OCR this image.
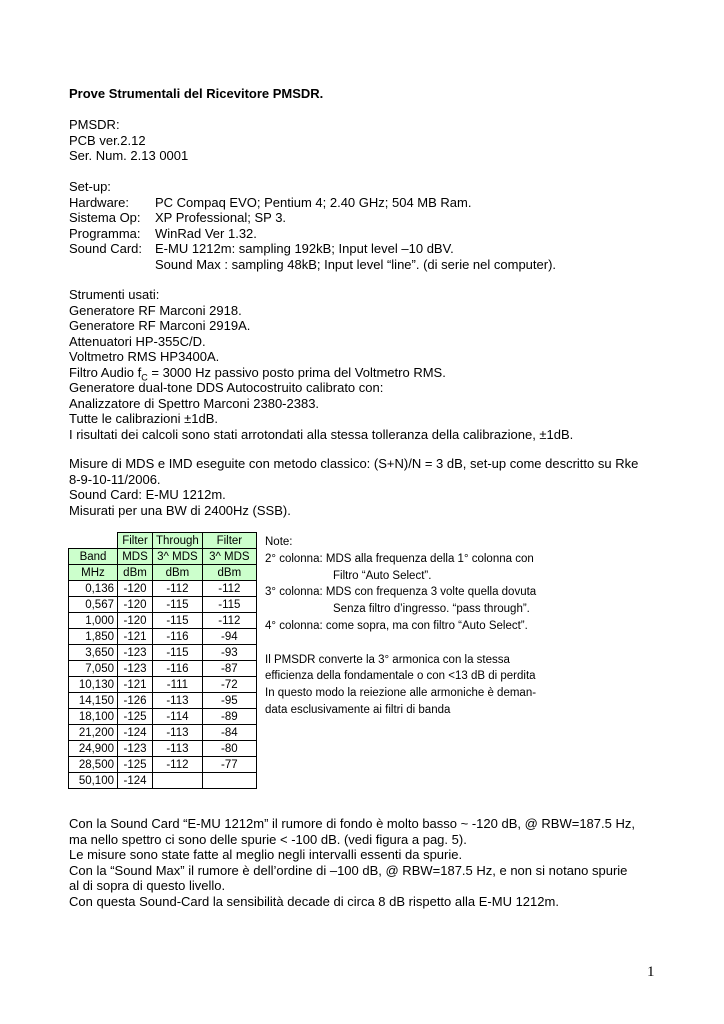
Prove Strumentali del Ricevitore PMSDR.
PMSDR:
PCB ver.2.12
Ser. Num. 2.13 0001
Set-up:
Hardware:	PC Compaq EVO; Pentium 4; 2.40 GHz; 504 MB Ram.
Sistema Op:	XP Professional; SP 3.
Programma:	WinRad Ver 1.32.
Sound Card:	E-MU 1212m: sampling 192kB; Input level –10 dBV.
Sound Max : sampling 48kB; Input level “line”. (di serie nel computer).
Strumenti usati:
Generatore RF Marconi 2918.
Generatore RF Marconi 2919A.
Attenuatori HP-355C/D.
Voltmetro RMS HP3400A.
Filtro Audio $f_C = 3000$ Hz passivo posto prima del Voltmetro RMS.
Generatore dual-tone DDS Autocostruito calibrato con:
Analizzatore di Spettro Marconi 2380-2383.
Tutte le calibrazioni ±1dB.
I risultati dei calcoli sono stati arrotondati alla stessa tolleranza della calibrazione, ±1dB.
Misure di MDS e IMD eseguite con metodo classico: (S+N)/N = 3 dB, set-up come descritto su Rke
8-9-10-11/2006.
Sound Card: E-MU 1212m.
Misurati per una BW di 2400Hz (SSB).
	Filter	Through	Filter
Band	MDS	3^ MDS	3^ MDS
MHz	dBm	dBm	dBm
0,136	-120	-112	-112
0,567	-120	-115	-115
1,000	-120	-115	-112
1,850	-121	-116	-94
3,650	-123	-115	-93
7,050	-123	-116	-87
10,130	-121	-111	-72
14,150	-126	-113	-95
18,100	-125	-114	-89
21,200	-124	-113	-84
24,900	-123	-113	-80
28,500	-125	-112	-77
50,100	-124		
Note:
2° colonna: MDS alla frequenza della 1° colonna con
Filtro “Auto Select”.
3° colonna: MDS con frequenza 3 volte quella dovuta
Senza filtro d’ingresso. “pass through”.
4° colonna: come sopra, ma con filtro “Auto Select”.
Il PMSDR converte la 3° armonica con la stessa
efficienza della fondamentale o con <13 dB di perdita
In questo modo la reiezione alle armoniche è deman-
data esclusivamente ai filtri di banda
Con la Sound Card “E-MU 1212m” il rumore di fondo è molto basso ~ -120 dB, @ RBW=187.5 Hz,
ma nello spettro ci sono delle spurie < -100 dB. (vedi figura a pag. 5).
Le misure sono state fatte al meglio negli intervalli essenti da spurie.
Con la “Sound Max” il rumore è dell’ordine di –100 dB, @ RBW=187.5 Hz, e non si notano spurie
al di sopra di questo livello.
Con questa Sound-Card la sensibilità decade di circa 8 dB rispetto alla E-MU 1212m.
1
